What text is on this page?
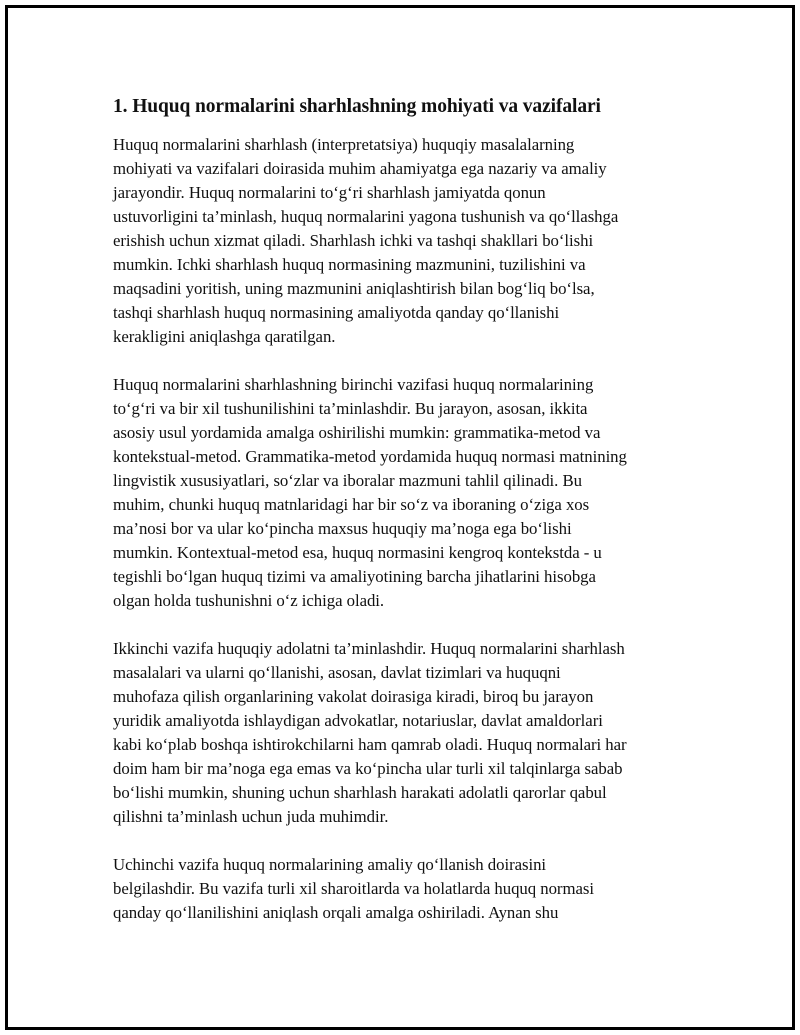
1. Huquq normalarini sharhlashning mohiyati va vazifalari

Huquq normalarini sharhlash (interpretatsiya) huquqiy masalalarning
mohiyati va vazifalari doirasida muhim ahamiyatga ega nazariy va amaliy
jarayondir. Huquq normalarini to‘g‘ri sharhlash jamiyatda qonun
ustuvorligini ta’minlash, huquq normalarini yagona tushunish va qo‘llashga
erishish uchun xizmat qiladi. Sharhlash ichki va tashqi shakllari bo‘lishi
mumkin. Ichki sharhlash huquq normasining mazmunini, tuzilishini va
maqsadini yoritish, uning mazmunini aniqlashtirish bilan bog‘liq bo‘lsa,
tashqi sharhlash huquq normasining amaliyotda qanday qo‘llanishi
kerakligini aniqlashga qaratilgan.

Huquq normalarini sharhlashning birinchi vazifasi huquq normalarining
to‘g‘ri va bir xil tushunilishini ta’minlashdir. Bu jarayon, asosan, ikkita
asosiy usul yordamida amalga oshirilishi mumkin: grammatika-metod va
kontekstual-metod. Grammatika-metod yordamida huquq normasi matnining
lingvistik xususiyatlari, so‘zlar va iboralar mazmuni tahlil qilinadi. Bu
muhim, chunki huquq matnlaridagi har bir so‘z va iboraning o‘ziga xos
ma’nosi bor va ular ko‘pincha maxsus huquqiy ma’noga ega bo‘lishi
mumkin. Kontextual-metod esa, huquq normasini kengroq kontekstda - u
tegishli bo‘lgan huquq tizimi va amaliyotining barcha jihatlarini hisobga
olgan holda tushunishni o‘z ichiga oladi.

Ikkinchi vazifa huquqiy adolatni ta’minlashdir. Huquq normalarini sharhlash
masalalari va ularni qo‘llanishi, asosan, davlat tizimlari va huquqni
muhofaza qilish organlarining vakolat doirasiga kiradi, biroq bu jarayon
yuridik amaliyotda ishlaydigan advokatlar, notariuslar, davlat amaldorlari
kabi ko‘plab boshqa ishtirokchilarni ham qamrab oladi. Huquq normalari har
doim ham bir ma’noga ega emas va ko‘pincha ular turli xil talqinlarga sabab
bo‘lishi mumkin, shuning uchun sharhlash harakati adolatli qarorlar qabul
qilishni ta’minlash uchun juda muhimdir.

Uchinchi vazifa huquq normalarining amaliy qo‘llanish doirasini
belgilashdir. Bu vazifa turli xil sharoitlarda va holatlarda huquq normasi
qanday qo‘llanilishini aniqlash orqali amalga oshiriladi. Aynan shu
